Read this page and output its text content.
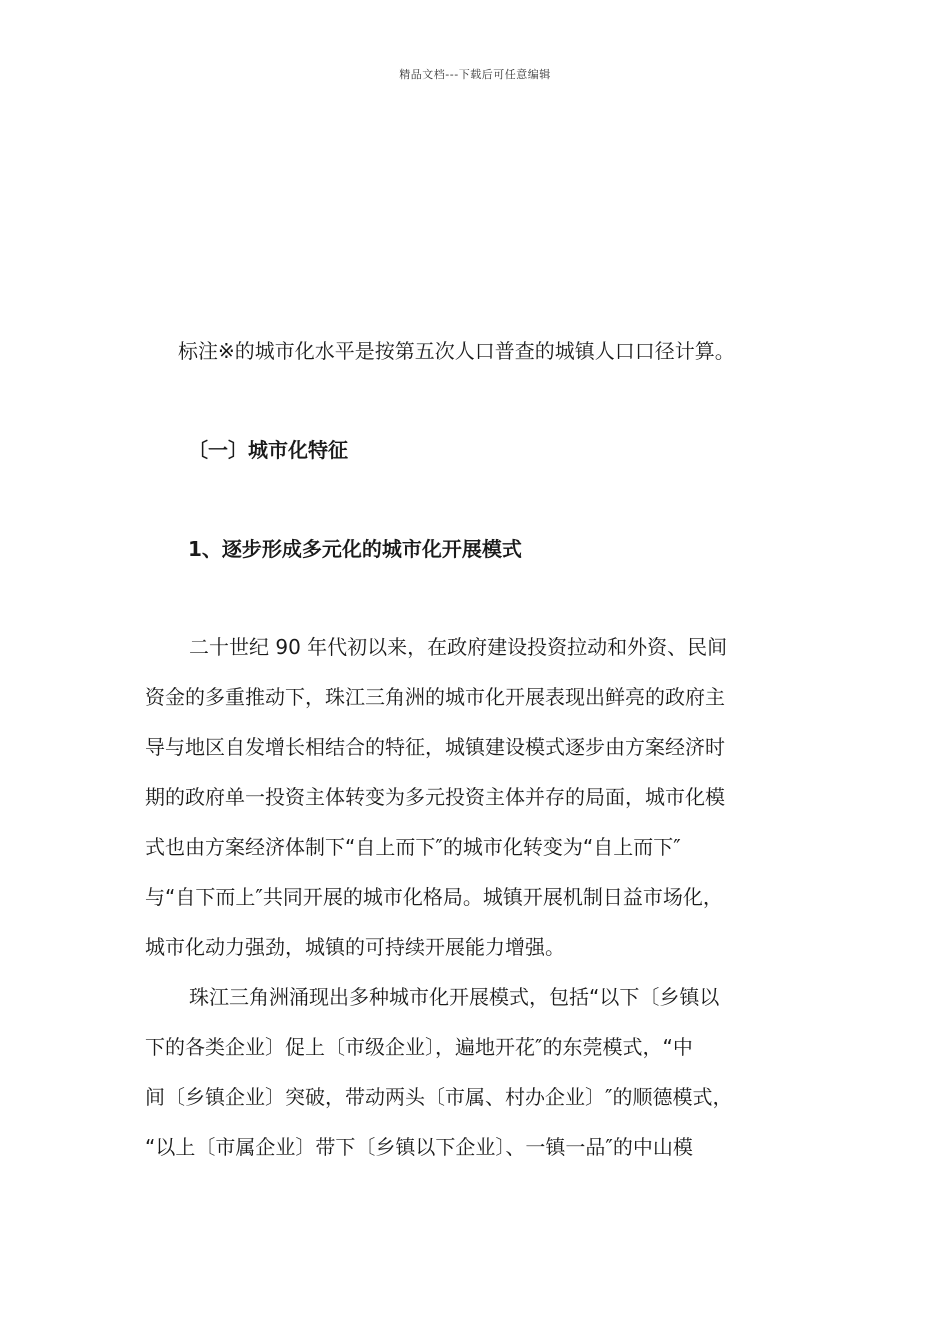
精品文档---下载后可任意编辑
标注※的城市化水平是按第五次人口普查的城镇人口口径计算。
〔一〕城市化特征
1、逐步形成多元化的城市化开展模式
二十世纪 90 年代初以来，在政府建设投资拉动和外资、民间
资金的多重推动下，珠江三角洲的城市化开展表现出鲜亮的政府主
导与地区自发增长相结合的特征，城镇建设模式逐步由方案经济时
期的政府单一投资主体转变为多元投资主体并存的局面，城市化模
式也由方案经济体制下“自上而下″的城市化转变为“自上而下″
与“自下而上″共同开展的城市化格局。城镇开展机制日益市场化，
城市化动力强劲，城镇的可持续开展能力增强。
珠江三角洲涌现出多种城市化开展模式，包括“以下〔乡镇以
下的各类企业〕促上〔市级企业〕，遍地开花″的东莞模式，“中
间〔乡镇企业〕突破，带动两头〔市属、村办企业〕″的顺德模式，
“以上〔市属企业〕带下〔乡镇以下企业〕、一镇一品″的中山模
